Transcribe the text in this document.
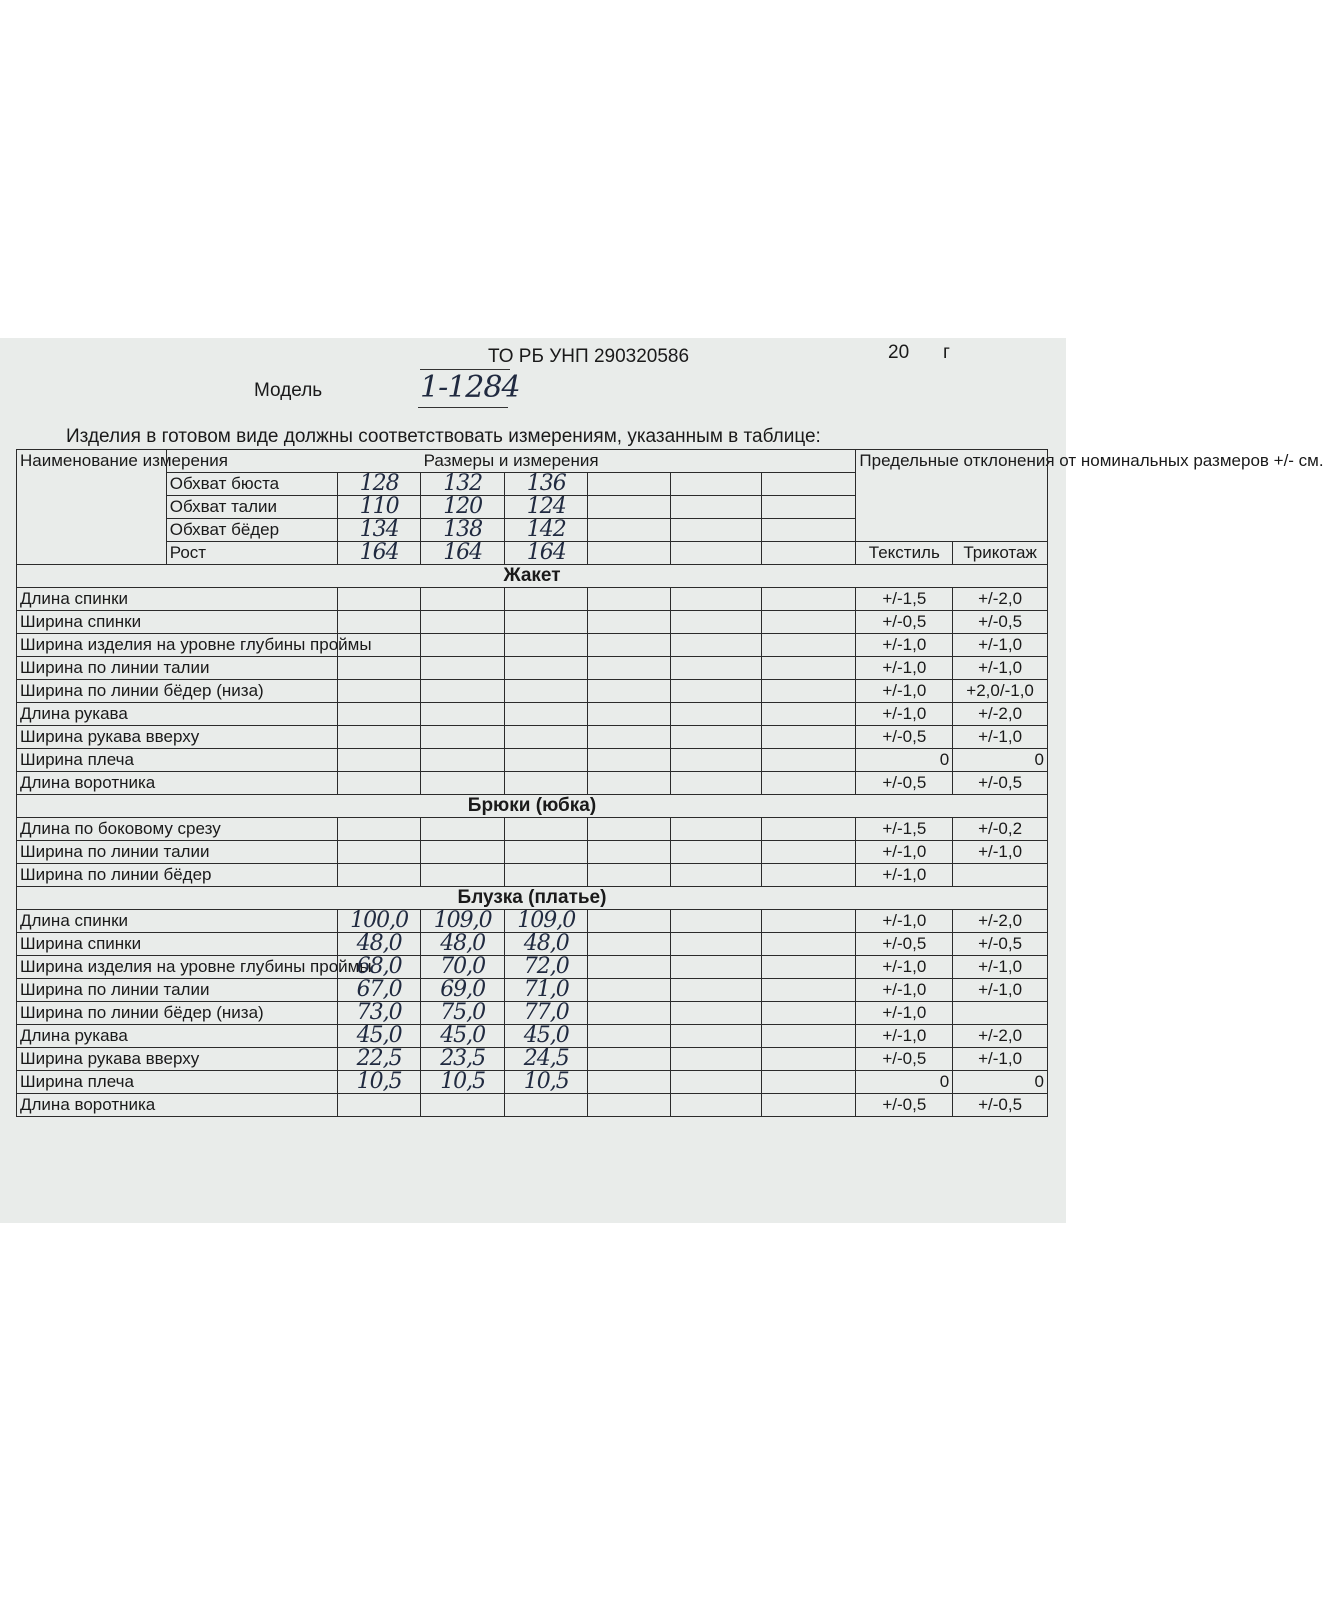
ТО РБ УНП 290320586	20 г
Модель	1-1284
Изделия в готовом виде должны соответствовать измерениям, указанным в таблице:
Наименование измерения	Размеры и измерения							Предельные отклонения от номинальных размеров +/- см.	
	Обхват бюста	128	132	136					
	Обхват талии	110	120	124					
	Обхват бёдер	134	138	142					
	Рост	164	164	164				Текстиль	Трикотаж
Жакет									
Длина спинки								+/-1,5	+/-2,0
Ширина спинки								+/-0,5	+/-0,5
Ширина изделия на уровне глубины проймы								+/-1,0	+/-1,0
Ширина по линии талии								+/-1,0	+/-1,0
Ширина по линии бёдер (низа)								+/-1,0	+2,0/-1,0
Длина рукава								+/-1,0	+/-2,0
Ширина рукава вверху								+/-0,5	+/-1,0
Ширина плеча								0	0
Длина воротника								+/-0,5	+/-0,5
Брюки (юбка)									
Длина по боковому срезу								+/-1,5	+/-0,2
Ширина по линии талии								+/-1,0	+/-1,0
Ширина по линии бёдер								+/-1,0	
Блузка (платье)									
Длина спинки		100,0	109,0	109,0				+/-1,0	+/-2,0
Ширина спинки		48,0	48,0	48,0				+/-0,5	+/-0,5
Ширина изделия на уровне глубины проймы		68,0	70,0	72,0				+/-1,0	+/-1,0
Ширина по линии талии		67,0	69,0	71,0				+/-1,0	+/-1,0
Ширина по линии бёдер (низа)		73,0	75,0	77,0				+/-1,0	
Длина рукава		45,0	45,0	45,0				+/-1,0	+/-2,0
Ширина рукава вверху		22,5	23,5	24,5				+/-0,5	+/-1,0
Ширина плеча		10,5	10,5	10,5				0	0
Длина воротника								+/-0,5	+/-0,5
